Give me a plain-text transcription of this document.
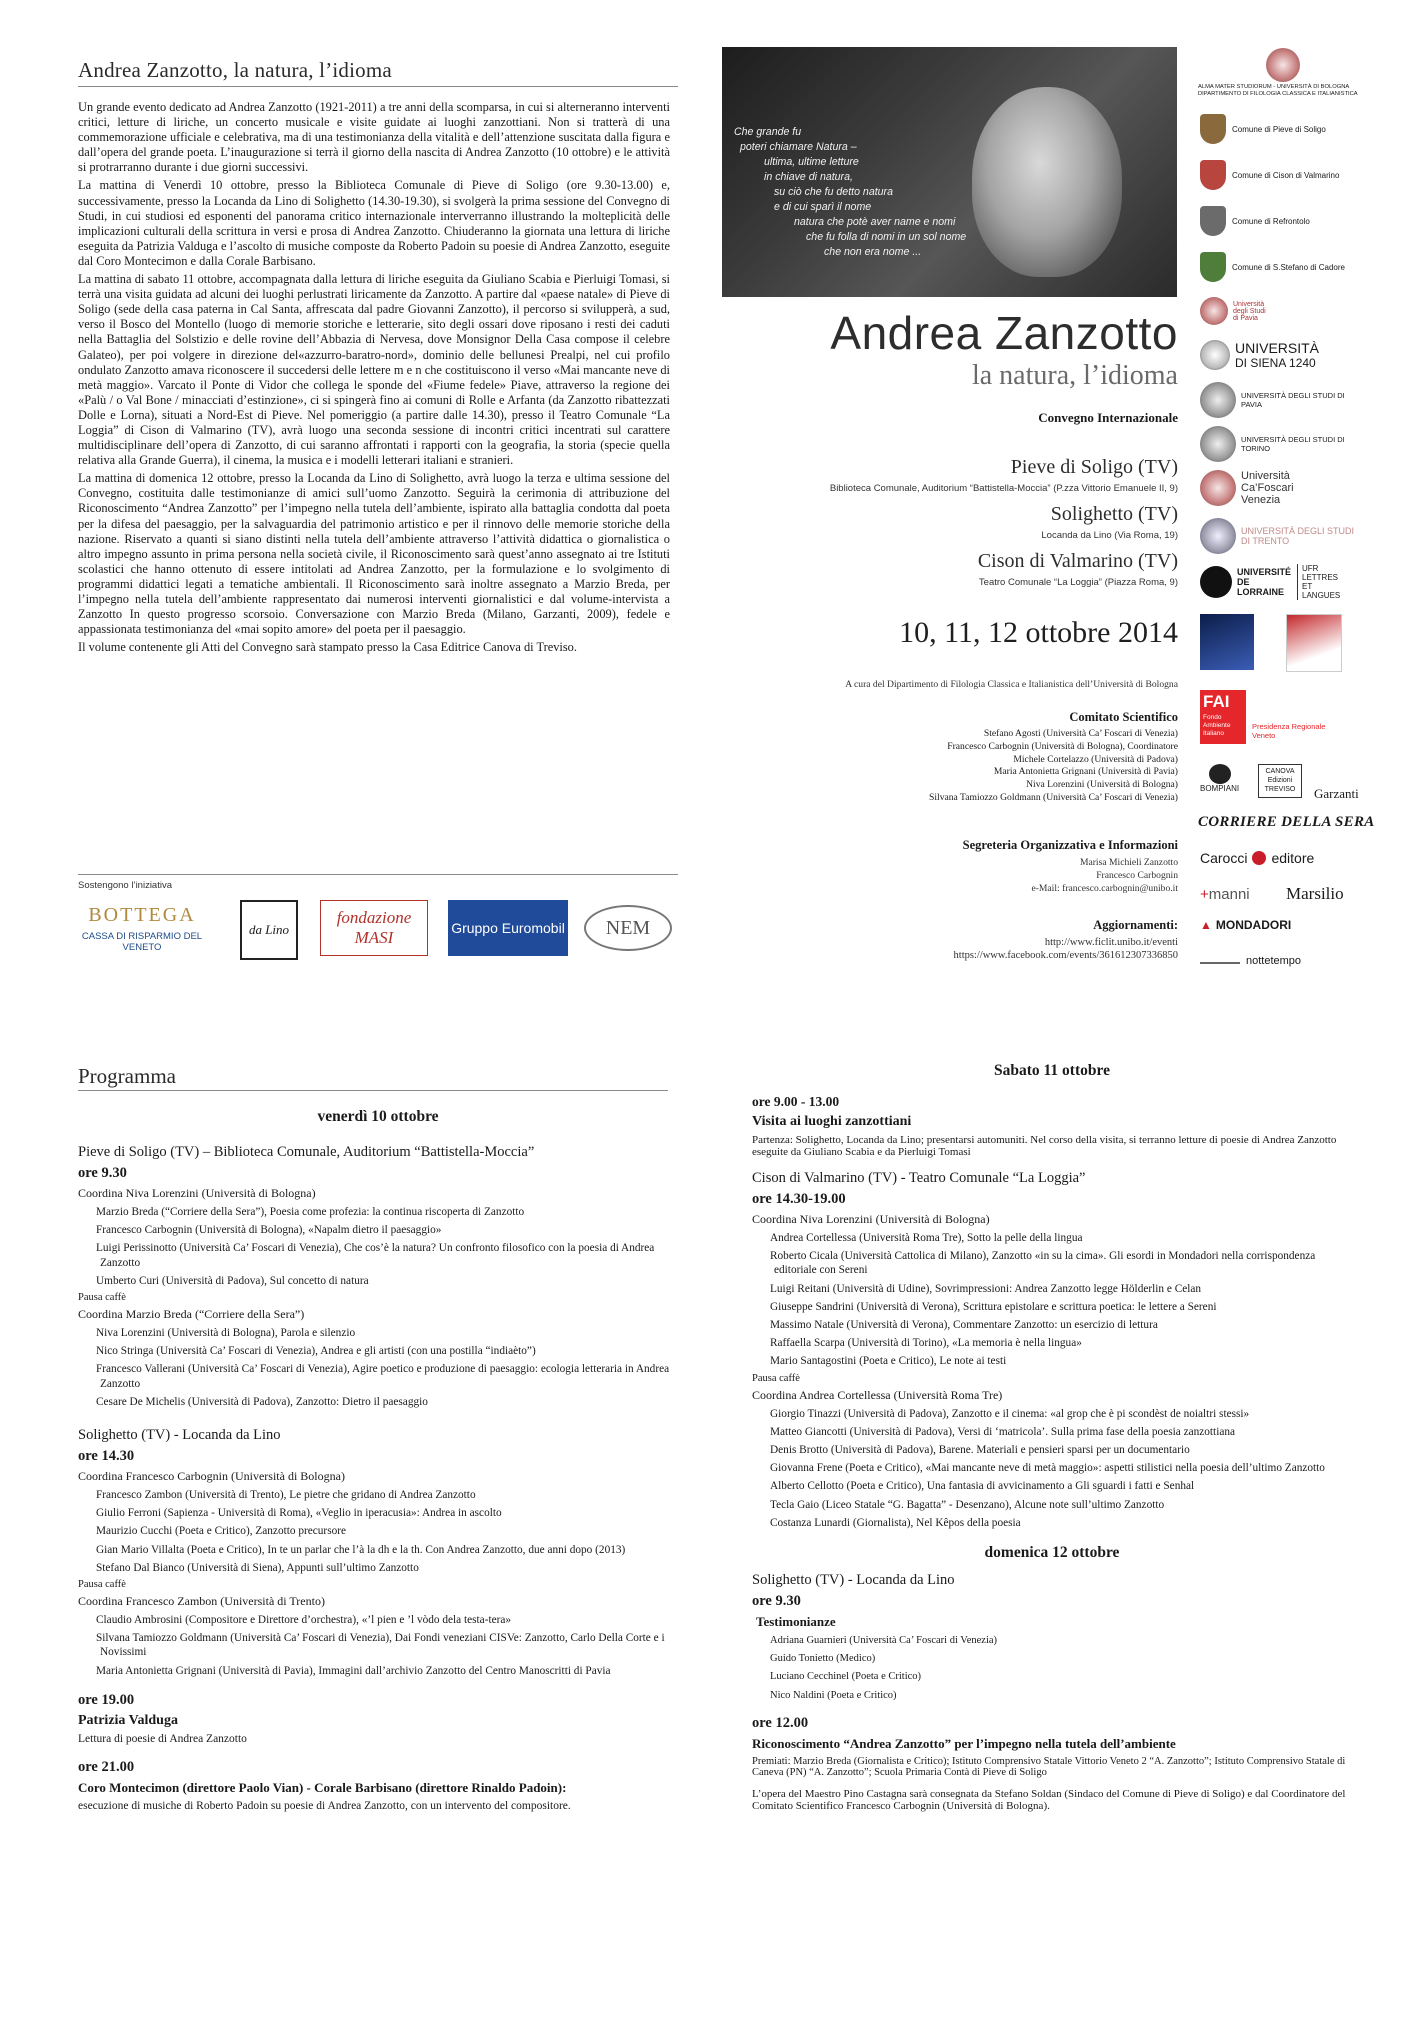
Andrea Zanzotto, la natura, l’idioma

Un grande evento dedicato ad Andrea Zanzotto (1921-2011) a tre anni della scomparsa, in cui si alterneranno interventi critici, letture di liriche, un concerto musicale e visite guidate ai luoghi zanzottiani. Non si tratterà di una commemorazione ufficiale e celebrativa, ma di una testimonianza della vitalità e dell’attenzione suscitata dalla figura e dall’opera del grande poeta. L’inaugurazione si terrà il giorno della nascita di Andrea Zanzotto (10 ottobre) e le attività si protrarranno durante i due giorni successivi.

La mattina di Venerdì 10 ottobre, presso la Biblioteca Comunale di Pieve di Soligo (ore 9.30-13.00) e, successivamente, presso la Locanda da Lino di Solighetto (14.30-19.30), si svolgerà la prima sessione del Convegno di Studi, in cui studiosi ed esponenti del panorama critico internazionale interverranno illustrando la molteplicità delle implicazioni culturali della scrittura in versi e prosa di Andrea Zanzotto. Chiuderanno la giornata una lettura di liriche eseguita da Patrizia Valduga e l’ascolto di musiche composte da Roberto Padoin su poesie di Andrea Zanzotto, eseguite dal Coro Montecimon e dalla Corale Barbisano.

La mattina di sabato 11 ottobre, accompagnata dalla lettura di liriche eseguita da Giuliano Scabia e Pierluigi Tomasi, si terrà una visita guidata ad alcuni dei luoghi perlustrati liricamente da Zanzotto. A partire dal «paese natale» di Pieve di Soligo (sede della casa paterna in Cal Santa, affrescata dal padre Giovanni Zanzotto), il percorso si svilupperà, a sud, verso il Bosco del Montello (luogo di memorie storiche e letterarie, sito degli ossari dove riposano i resti dei caduti nella Battaglia del Solstizio e delle rovine dell’Abbazia di Nervesa, dove Monsignor Della Casa compose il celebre Galateo), per poi volgere in direzione del«azzurro-baratro-nord», dominio delle bellunesi Prealpi, nel cui profilo ondulato Zanzotto amava riconoscere il succedersi delle lettere m e n che costituiscono il verso «Mai mancante neve di metà maggio». Varcato il Ponte di Vidor che collega le sponde del «Fiume fedele» Piave, attraverso la regione dei «Palù / o Val Bone / minacciati d’estinzione», ci si spingerà fino ai comuni di Rolle e Arfanta (da Zanzotto ribattezzati Dolle e Lorna), situati a Nord-Est di Pieve. Nel pomeriggio (a partire dalle 14.30), presso il Teatro Comunale “La Loggia” di Cison di Valmarino (TV), avrà luogo una seconda sessione di incontri critici incentrati sul carattere multidisciplinare dell’opera di Zanzotto, di cui saranno affrontati i rapporti con la geografia, la storia (specie quella relativa alla Grande Guerra), il cinema, la musica e i modelli letterari italiani e stranieri.

La mattina di domenica 12 ottobre, presso la Locanda da Lino di Solighetto, avrà luogo la terza e ultima sessione del Convegno, costituita dalle testimonianze di amici sull’uomo Zanzotto. Seguirà la cerimonia di attribuzione del Riconoscimento “Andrea Zanzotto” per l’impegno nella tutela dell’ambiente, ispirato alla battaglia condotta dal poeta per la difesa del paesaggio, per la salvaguardia del patrimonio artistico e per il rinnovo delle memorie storiche della nazione. Riservato a quanti si siano distinti nella tutela dell’ambiente attraverso l’attività didattica o giornalistica o altro impegno assunto in prima persona nella società civile, il Riconoscimento sarà quest’anno assegnato ai tre Istituti scolastici che hanno ottenuto di essere intitolati ad Andrea Zanzotto, per la formulazione e lo svolgimento di programmi didattici legati a tematiche ambientali. Il Riconoscimento sarà inoltre assegnato a Marzio Breda, per l’impegno nella tutela dell’ambiente rappresentato dai numerosi interventi giornalistici e dal volume-intervista a Zanzotto In questo progresso scorsoio. Conversazione con Marzio Breda (Milano, Garzanti, 2009), fedele e appassionata testimonianza del «mai sopito amore» del poeta per il paesaggio.

Il volume contenente gli Atti del Convegno sarà stampato presso la Casa Editrice Canova di Treviso.

Sostengono l’iniziativa
BOTTEGA
CASSA DI RISPARMIO DEL VENETO
da Lino
fondazione MASI	Gruppo Euromobil	NEM
Che grande fu
poteri chiamare Natura –
ultima, ultime letture
in chiave di natura,
su ciò che fu detto natura
e di cui sparì il nome
natura che potè aver name e nomi
che fu folla di nomi in un sol nome
che non era nome ...
Andrea Zanzotto
la natura, l’idioma
Convegno Internazionale
Pieve di Soligo (TV)
Biblioteca Comunale, Auditorium “Battistella-Moccia” (P.zza Vittorio Emanuele II, 9)
Solighetto (TV)
Locanda da Lino (Via Roma, 19)
Cison di Valmarino (TV)
Teatro Comunale “La Loggia” (Piazza Roma, 9)
10, 11, 12 ottobre 2014
A cura del Dipartimento di Filologia Classica e Italianistica dell’Università di Bologna
Comitato Scientifico
Stefano Agosti (Università Ca’ Foscari di Venezia)
Francesco Carbognin (Università di Bologna), Coordinatore
Michele Cortelazzo (Università di Padova)
Maria Antonietta Grignani (Università di Pavia)
Niva Lorenzini (Università di Bologna)
Silvana Tamiozzo Goldmann (Università Ca’ Foscari di Venezia)
Segreteria Organizzativa e Informazioni
Marisa Michieli Zanzotto
Francesco Carbognin
e-Mail: francesco.carbognin@unibo.it
Aggiornamenti:
http://www.ficlit.unibo.it/eventi
https://www.facebook.com/events/361612307336850
ALMA MATER STUDIORUM - UNIVERSITÀ DI BOLOGNA DIPARTIMENTO DI FILOLOGIA CLASSICA E ITALIANISTICA
Comune di Pieve di Soligo
Comune di Cison di Valmarino
Comune di Refrontolo
Comune di S.Stefano di Cadore
Università degli Studi di Pavia
UNIVERSITÀ
DI SIENA 1240
UNIVERSITÀ DEGLI STUDI DI PAVIA
UNIVERSITÀ DEGLI STUDI DI TORINO
Università Ca’Foscari Venezia
UNIVERSITÀ DEGLI STUDI DI TRENTO
UNIVERSITÉ DE LORRAINE
UFR LETTRES ET LANGUES
FAI
Fondo Ambiente Italiano
Presidenza Regionale Veneto
BOMPIANI
CANOVA Edizioni TREVISO	Garzanti
CORRIERE DELLA SERA
Carocci editore
+manni Marsilio
▲ MONDADORI
nottetempo
Programma
venerdì 10 ottobre
Pieve di Soligo (TV) – Biblioteca Comunale, Auditorium “Battistella-Moccia”
ore 9.30
Coordina Niva Lorenzini (Università di Bologna)
Marzio Breda (“Corriere della Sera”), Poesia come profezia: la continua riscoperta di Zanzotto
Francesco Carbognin (Università di Bologna), «Napalm dietro il paesaggio»
Luigi Perissinotto (Università Ca’ Foscari di Venezia), Che cos’è la natura? Un confronto filosofico con la poesia di Andrea Zanzotto
Umberto Curi (Università di Padova), Sul concetto di natura
Pausa caffè
Coordina Marzio Breda (“Corriere della Sera”)
Niva Lorenzini (Università di Bologna), Parola e silenzio
Nico Stringa (Università Ca’ Foscari di Venezia), Andrea e gli artisti (con una postilla “indiaèto”)
Francesco Vallerani (Università Ca’ Foscari di Venezia), Agire poetico e produzione di paesaggio: ecologia letteraria in Andrea Zanzotto
Cesare De Michelis (Università di Padova), Zanzotto: Dietro il paesaggio
Solighetto (TV) - Locanda da Lino
ore 14.30
Coordina Francesco Carbognin (Università di Bologna)
Francesco Zambon (Università di Trento), Le pietre che gridano di Andrea Zanzotto
Giulio Ferroni (Sapienza - Università di Roma), «Veglio in iperacusia»: Andrea in ascolto
Maurizio Cucchi (Poeta e Critico), Zanzotto precursore
Gian Mario Villalta (Poeta e Critico), In te un parlar che l’à la dh e la th. Con Andrea Zanzotto, due anni dopo (2013)
Stefano Dal Bianco (Università di Siena), Appunti sull’ultimo Zanzotto
Pausa caffè
Coordina Francesco Zambon (Università di Trento)
Claudio Ambrosini (Compositore e Direttore d’orchestra), «’l pien e ’l vòdo dela testa-tera»
Silvana Tamiozzo Goldmann (Università Ca’ Foscari di Venezia), Dai Fondi veneziani CISVe: Zanzotto, Carlo Della Corte e i Novissimi
Maria Antonietta Grignani (Università di Pavia), Immagini dall’archivio Zanzotto del Centro Manoscritti di Pavia
ore 19.00
Patrizia Valduga
Lettura di poesie di Andrea Zanzotto
ore 21.00
Coro Montecimon (direttore Paolo Vian) - Corale Barbisano (direttore Rinaldo Padoin):
esecuzione di musiche di Roberto Padoin su poesie di Andrea Zanzotto, con un intervento del compositore.
Sabato 11 ottobre
ore 9.00 - 13.00
Visita ai luoghi zanzottiani
Partenza: Solighetto, Locanda da Lino; presentarsi automuniti. Nel corso della visita, si terranno letture di poesie di Andrea Zanzotto eseguite da Giuliano Scabia e da Pierluigi Tomasi
Cison di Valmarino (TV) - Teatro Comunale “La Loggia”
ore 14.30-19.00
Coordina Niva Lorenzini (Università di Bologna)
Andrea Cortellessa (Università Roma Tre), Sotto la pelle della lingua
Roberto Cicala (Università Cattolica di Milano), Zanzotto «in su la cima». Gli esordi in Mondadori nella corrispondenza editoriale con Sereni
Luigi Reitani (Università di Udine), Sovrimpressioni: Andrea Zanzotto legge Hölderlin e Celan
Giuseppe Sandrini (Università di Verona), Scrittura epistolare e scrittura poetica: le lettere a Sereni
Massimo Natale (Università di Verona), Commentare Zanzotto: un esercizio di lettura
Raffaella Scarpa (Università di Torino), «La memoria è nella lingua»
Mario Santagostini (Poeta e Critico), Le note ai testi
Pausa caffè
Coordina Andrea Cortellessa (Università Roma Tre)
Giorgio Tinazzi (Università di Padova), Zanzotto e il cinema: «al grop che è pi scondèst de noialtri stessi»
Matteo Giancotti (Università di Padova), Versi di ‘matricola’. Sulla prima fase della poesia zanzottiana
Denis Brotto (Università di Padova), Barene. Materiali e pensieri sparsi per un documentario
Giovanna Frene (Poeta e Critico), «Mai mancante neve di metà maggio»: aspetti stilistici nella poesia dell’ultimo Zanzotto
Alberto Cellotto (Poeta e Critico), Una fantasia di avvicinamento a Gli sguardi i fatti e Senhal
Tecla Gaio (Liceo Statale “G. Bagatta” - Desenzano), Alcune note sull’ultimo Zanzotto
Costanza Lunardi (Giornalista), Nel Kêpos della poesia
domenica 12 ottobre
Solighetto (TV) - Locanda da Lino
ore 9.30
Testimonianze
Adriana Guarnieri (Università Ca’ Foscari di Venezia)
Guido Tonietto (Medico)
Luciano Cecchinel (Poeta e Critico)
Nico Naldini (Poeta e Critico)
ore 12.00
Riconoscimento “Andrea Zanzotto” per l’impegno nella tutela dell’ambiente
Premiati: Marzio Breda (Giornalista e Critico); Istituto Comprensivo Statale Vittorio Veneto 2 “A. Zanzotto”; Istituto Comprensivo Statale di Caneva (PN) “A. Zanzotto”; Scuola Primaria Contà di Pieve di Soligo
L’opera del Maestro Pino Castagna sarà consegnata da Stefano Soldan (Sindaco del Comune di Pieve di Soligo) e dal Coordinatore del Comitato Scientifico Francesco Carbognin (Università di Bologna).
